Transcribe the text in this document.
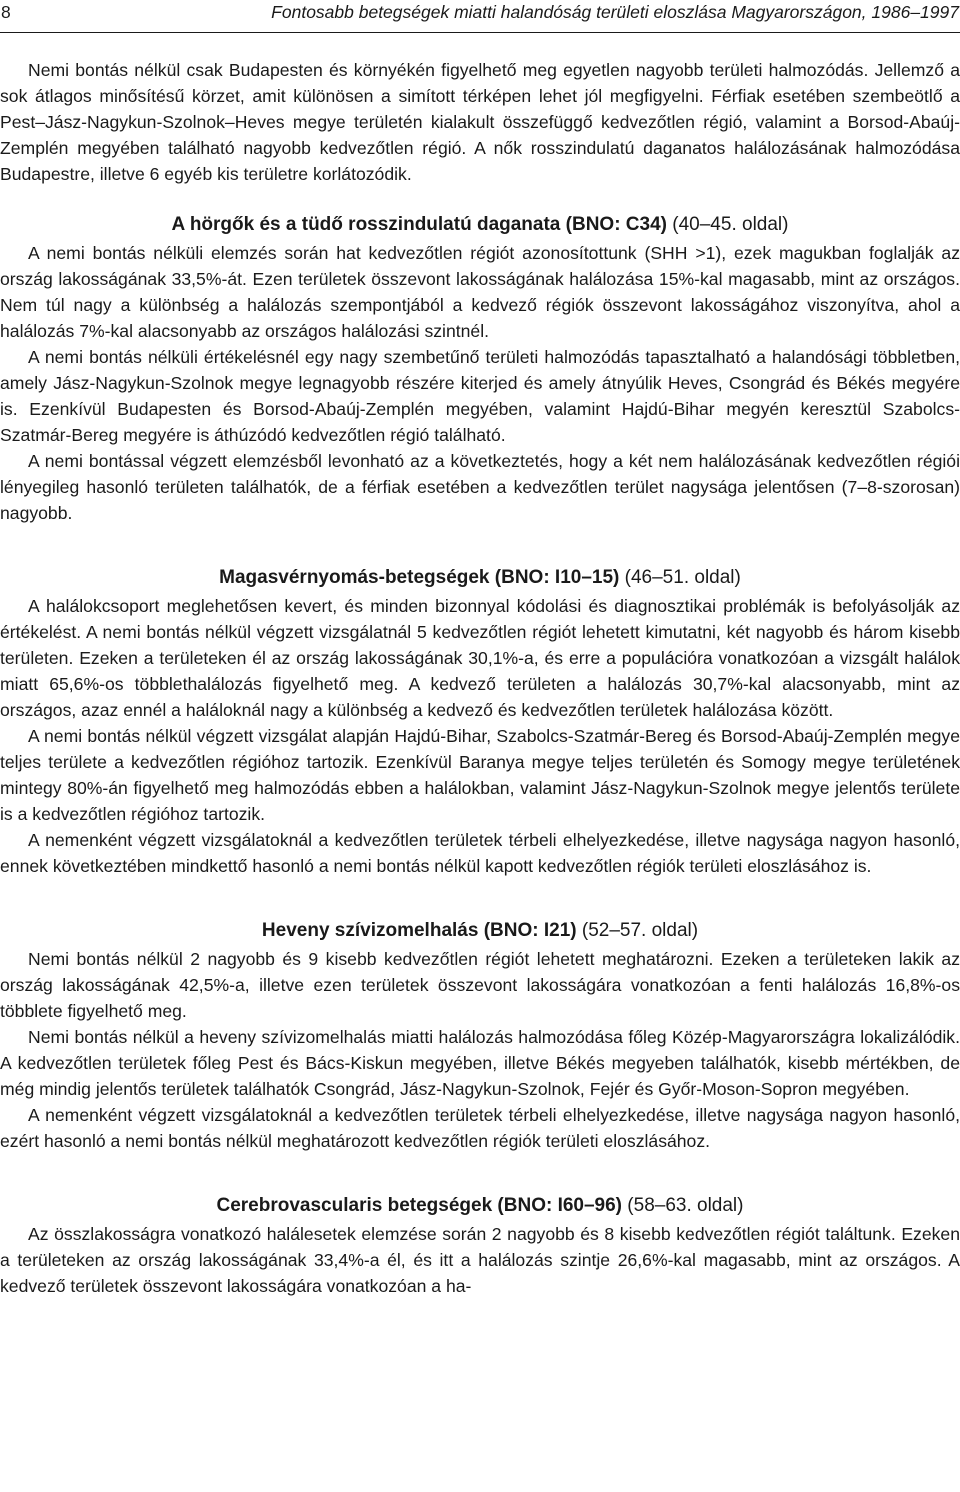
8	Fontosabb betegségek miatti halandóság területi eloszlása Magyarországon, 1986–1997

Nemi bontás nélkül csak Budapesten és környékén figyelhető meg egyetlen nagyobb területi halmozódás. Jellemző a sok átlagos minősítésű körzet, amit különösen a simított térképen lehet jól megfigyelni. Férfiak esetében szembeötlő a Pest–Jász-Nagykun-Szolnok–Heves megye területén kialakult összefüggő kedvezőtlen régió, valamint a Borsod-Abaúj-Zemplén megyében található nagyobb kedvezőtlen régió. A nők rosszindulatú daganatos halálozásának halmozódása Budapestre, illetve 6 egyéb kis területre korlátozódik.

A hörgők és a tüdő rosszindulatú daganata (BNO: C34) (40–45. oldal)

A nemi bontás nélküli elemzés során hat kedvezőtlen régiót azonosítottunk (SHH >1), ezek magukban foglalják az ország lakosságának 33,5%-át. Ezen területek összevont lakosságának halálozása 15%-kal magasabb, mint az országos. Nem túl nagy a különbség a halálozás szempontjából a kedvező régiók összevont lakosságához viszonyítva, ahol a halálozás 7%-kal alacsonyabb az országos halálozási szintnél.

A nemi bontás nélküli értékelésnél egy nagy szembetűnő területi halmozódás tapasztalható a halandósági többletben, amely Jász-Nagykun-Szolnok megye legnagyobb részére kiterjed és amely átnyúlik Heves, Csongrád és Békés megyére is. Ezenkívül Budapesten és Borsod-Abaúj-Zemplén megyében, valamint Hajdú-Bihar megyén keresztül Szabolcs-Szatmár-Bereg megyére is áthúzódó kedvezőtlen régió található.

A nemi bontással végzett elemzésből levonható az a következtetés, hogy a két nem halálozásának kedvezőtlen régiói lényegileg hasonló területen találhatók, de a férfiak esetében a kedvezőtlen terület nagysága jelentősen (7–8-szorosan) nagyobb.

Magasvérnyomás-betegségek (BNO: I10–15) (46–51. oldal)

A halálokcsoport meglehetősen kevert, és minden bizonnyal kódolási és diagnosztikai problémák is befolyásolják az értékelést. A nemi bontás nélkül végzett vizsgálatnál 5 kedvezőtlen régiót lehetett kimutatni, két nagyobb és három kisebb területen. Ezeken a területeken él az ország lakosságának 30,1%-a, és erre a populációra vonatkozóan a vizsgált halálok miatt 65,6%-os többlethalálozás figyelhető meg. A kedvező területen a halálozás 30,7%-kal alacsonyabb, mint az országos, azaz ennél a haláloknál nagy a különbség a kedvező és kedvezőtlen területek halálozása között.

A nemi bontás nélkül végzett vizsgálat alapján Hajdú-Bihar, Szabolcs-Szatmár-Bereg és Borsod-Abaúj-Zemplén megye teljes területe a kedvezőtlen régióhoz tartozik. Ezenkívül Baranya megye teljes területén és Somogy megye területének mintegy 80%-án figyelhető meg halmozódás ebben a halálokban, valamint Jász-Nagykun-Szolnok megye jelentős területe is a kedvezőtlen régióhoz tartozik.

A nemenként végzett vizsgálatoknál a kedvezőtlen területek térbeli elhelyezkedése, illetve nagysága nagyon hasonló, ennek következtében mindkettő hasonló a nemi bontás nélkül kapott kedvezőtlen régiók területi eloszlásához is.

Heveny szívizomelhalás (BNO: I21) (52–57. oldal)

Nemi bontás nélkül 2 nagyobb és 9 kisebb kedvezőtlen régiót lehetett meghatározni. Ezeken a területeken lakik az ország lakosságának 42,5%-a, illetve ezen területek összevont lakosságára vonatkozóan a fenti halálozás 16,8%-os többlete figyelhető meg.

Nemi bontás nélkül a heveny szívizomelhalás miatti halálozás halmozódása főleg Közép-Magyarországra lokalizálódik. A kedvezőtlen területek főleg Pest és Bács-Kiskun megyében, illetve Békés megyeben találhatók, kisebb mértékben, de még mindig jelentős területek találhatók Csongrád, Jász-Nagykun-Szolnok, Fejér és Győr-Moson-Sopron megyében.

A nemenként végzett vizsgálatoknál a kedvezőtlen területek térbeli elhelyezkedése, illetve nagysága nagyon hasonló, ezért hasonló a nemi bontás nélkül meghatározott kedvezőtlen régiók területi eloszlásához.

Cerebrovascularis betegségek (BNO: I60–96) (58–63. oldal)

Az összlakosságra vonatkozó halálesetek elemzése során 2 nagyobb és 8 kisebb kedvezőtlen régiót találtunk. Ezeken a területeken az ország lakosságának 33,4%-a él, és itt a halálozás szintje 26,6%-kal magasabb, mint az országos. A kedvező területek összevont lakosságára vonatkozóan a ha-
